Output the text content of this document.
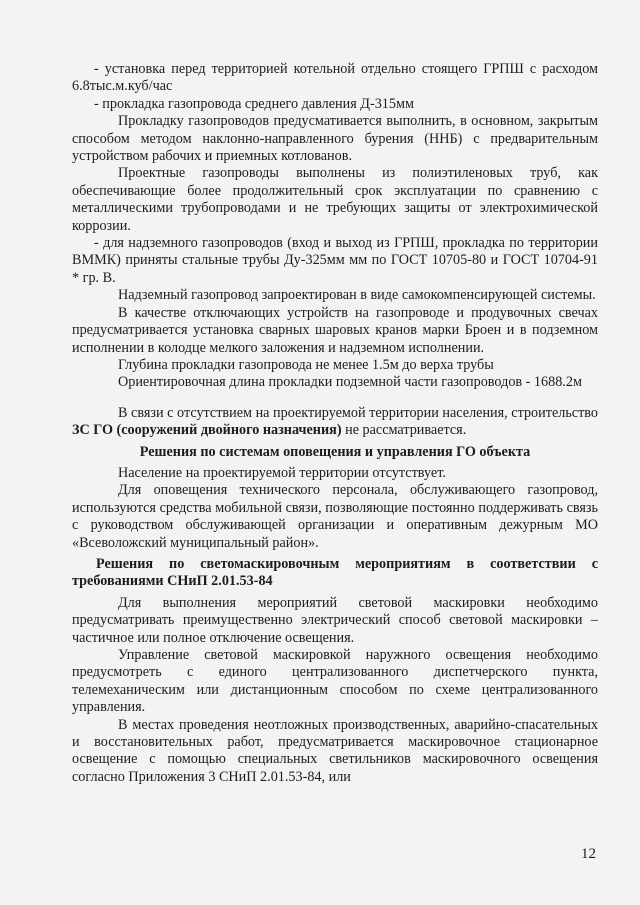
- установка перед территорией котельной отдельно стоящего ГРПШ с расходом 6.8тыс.м.куб/час

- прокладка газопровода среднего давления Д-315мм

Прокладку газопроводов предусмативается выполнить, в основном, закрытым способом методом наклонно-направленного бурения (ННБ) с предварительным устройством рабочих и приемных котлованов.

Проектные газопроводы выполнены из полиэтиленовых труб, как обеспечивающие более продолжительный срок эксплуатации по сравнению с металлическими трубопроводами и не требующих защиты от электрохимической коррозии.

- для надземного газопроводов (вход и выход из ГРПШ, прокладка по территории ВММК) приняты стальные трубы Ду-325мм мм по ГОСТ 10705-80 и ГОСТ 10704-91 * гр. В.

Надземный газопровод запроектирован в виде самокомпенсирующей системы.

В качестве отключающих устройств на газопроводе и продувочных свечах предусматривается установка сварных шаровых кранов марки Броен и в подземном исполнении в колодце мелкого заложения и надземном исполнении.

Глубина прокладки газопровода не менее 1.5м до верха трубы

Ориентировочная длина прокладки подземной части газопроводов - 1688.2м

В связи с отсутствием на проектируемой территории населения, строительство ЗС ГО (сооружений двойного назначения) не рассматривается.

Решения по системам оповещения и управления ГО объекта

Население на проектируемой территории отсутствует.

Для оповещения технического персонала, обслуживающего газопровод, используются средства мобильной связи, позволяющие постоянно поддерживать связь с руководством обслуживающей организации и оперативным дежурным МО «Всеволожский муниципальный район».

Решения по светомаскировочным мероприятиям в соответствии с требованиями СНиП 2.01.53-84

Для выполнения мероприятий световой маскировки необходимо предусматривать преимущественно электрический способ световой маскировки – частичное или полное отключение освещения.

Управление световой маскировкой наружного освещения необходимо предусмотреть с единого централизованного диспетчерского пункта, телемеханическим или дистанционным способом по схеме централизованного управления.

В местах проведения неотложных производственных, аварийно-спасательных и восстановительных работ, предусматривается маскировочное стационарное освещение с помощью специальных светильников маскировочного освещения согласно Приложения 3 СНиП 2.01.53-84, или

12
